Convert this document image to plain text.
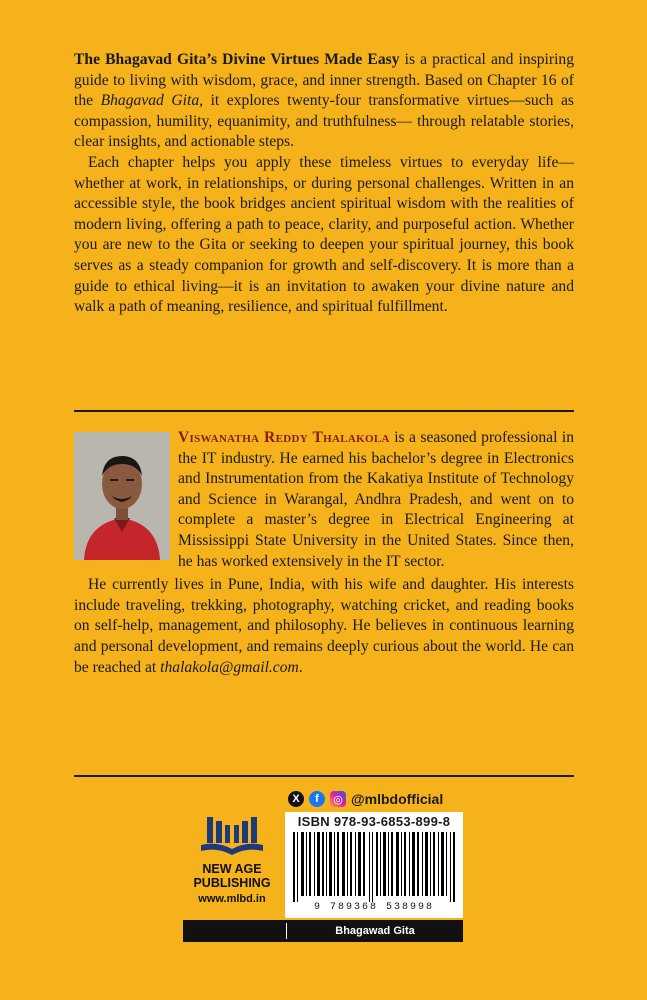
The Bhagavad Gita’s Divine Virtues Made Easy is a practical and inspiring guide to living with wisdom, grace, and inner strength. Based on Chapter 16 of the Bhagavad Gita, it explores twenty-four transformative virtues—such as compassion, humility, equanimity, and truthfulness— through relatable stories, clear insights, and actionable steps.

Each chapter helps you apply these timeless virtues to everyday life—whether at work, in relationships, or during personal challenges. Written in an accessible style, the book bridges ancient spiritual wisdom with the realities of modern living, offering a path to peace, clarity, and purposeful action. Whether you are new to the Gita or seeking to deepen your spiritual journey, this book serves as a steady companion for growth and self-discovery. It is more than a guide to ethical living—it is an invitation to awaken your divine nature and walk a path of meaning, resilience, and spiritual fulfillment.

Viswanatha Reddy Thalakola is a seasoned professional in the IT industry. He earned his bachelor’s degree in Electronics and Instrumentation from the Kakatiya Institute of Technology and Science in Warangal, Andhra Pradesh, and went on to complete a master’s degree in Electrical Engineering at Mississippi State University in the United States. Since then, he has worked extensively in the IT sector.

He currently lives in Pune, India, with his wife and daughter. His interests include traveling, trekking, photography, watching cricket, and reading books on self-help, management, and philosophy. He believes in continuous learning and personal development, and remains deeply curious about the world. He can be reached at thalakola@gmail.com.

NEW AGE
PUBLISHING
www.mlbd.in
X	f	◎ @mlbdofficial
ISBN 978-93-6853-899-8
9 789368 538998
Bhagawad Gita
